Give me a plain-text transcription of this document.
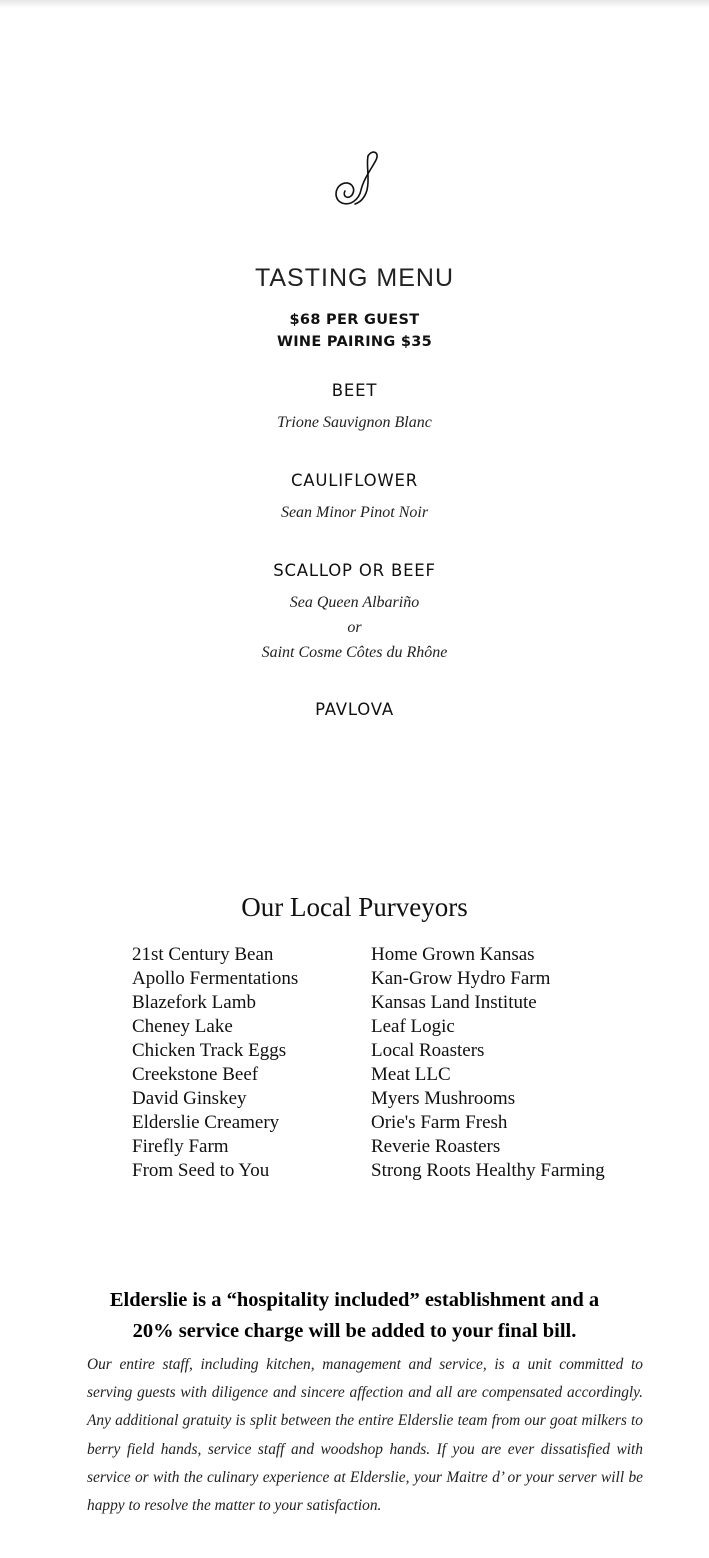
TASTING MENU
$68 PER GUEST
WINE PAIRING $35
BEET
Trione Sauvignon Blanc
CAULIFLOWER
Sean Minor Pinot Noir
SCALLOP OR BEEF
Sea Queen Albariño
or
Saint Cosme Côtes du Rhône
PAVLOVA
Our Local Purveyors
21st Century Bean
Apollo Fermentations
Blazefork Lamb
Cheney Lake
Chicken Track Eggs
Creekstone Beef
David Ginskey
Elderslie Creamery
Firefly Farm
From Seed to You
Home Grown Kansas
Kan-Grow Hydro Farm
Kansas Land Institute
Leaf Logic
Local Roasters
Meat LLC
Myers Mushrooms
Orie's Farm Fresh
Reverie Roasters
Strong Roots Healthy Farming
Elderslie is a “hospitality included” establishment and a
20% service charge will be added to your final bill.

Our entire staff, including kitchen, management and service, is a unit committed to serving guests with diligence and sincere affection and all are compensated accordingly. Any additional gratuity is split between the entire Elderslie team from our goat milkers to berry field hands, service staff and woodshop hands. If you are ever dissatisfied with service or with the culinary experience at Elderslie, your Maitre d’ or your server will be happy to resolve the matter to your satisfaction.
